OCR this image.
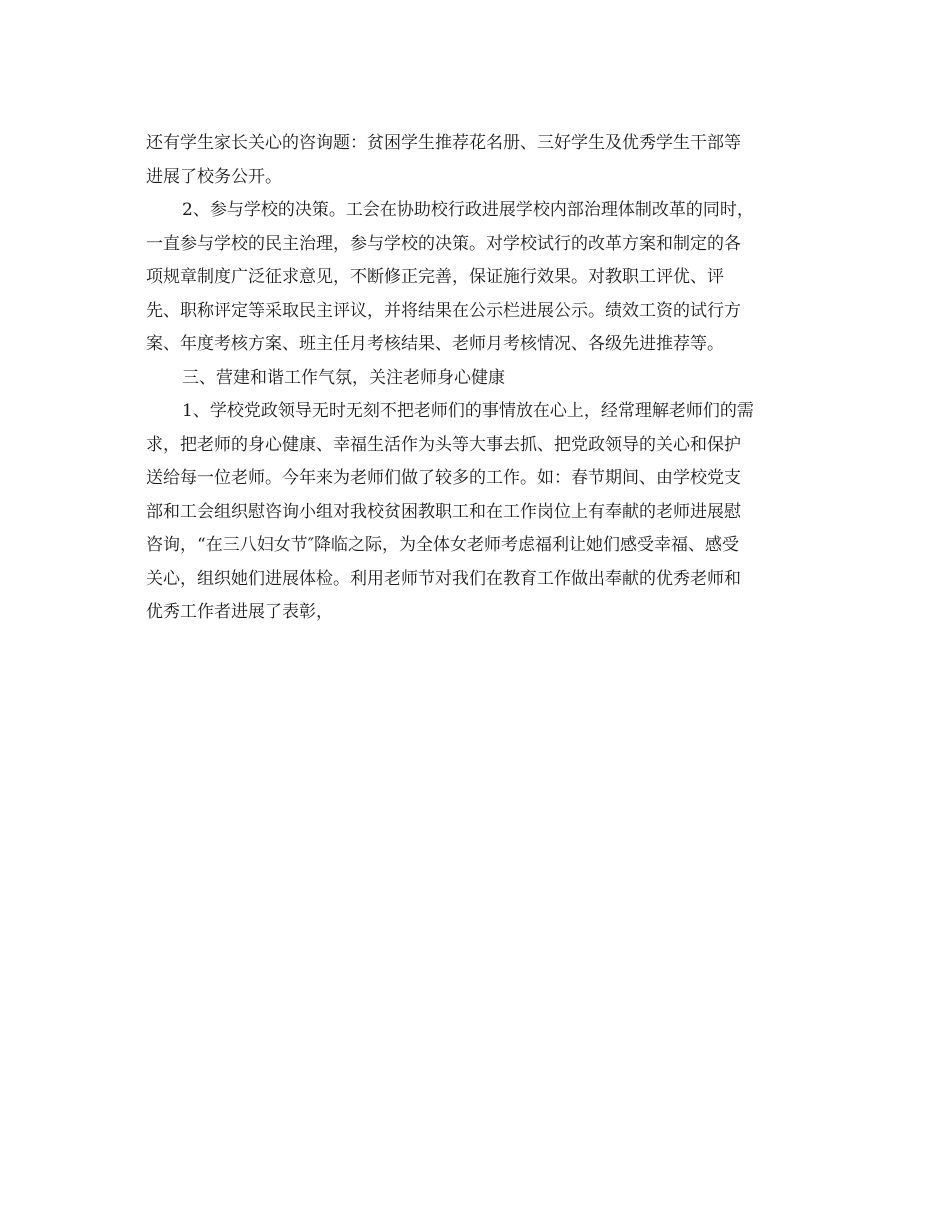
还有学生家长关心的咨询题：贫困学生推荐花名册、三好学生及优秀学生干部等
进展了校务公开。
2、参与学校的决策。工会在协助校行政进展学校内部治理体制改革的同时，
一直参与学校的民主治理，参与学校的决策。对学校试行的改革方案和制定的各
项规章制度广泛征求意见，不断修正完善，保证施行效果。对教职工评优、评
先、职称评定等采取民主评议，并将结果在公示栏进展公示。绩效工资的试行方
案、年度考核方案、班主任月考核结果、老师月考核情况、各级先进推荐等。
三、营建和谐工作气氛，关注老师身心健康
1、学校党政领导无时无刻不把老师们的事情放在心上，经常理解老师们的需
求，把老师的身心健康、幸福生活作为头等大事去抓、把党政领导的关心和保护
送给每一位老师。今年来为老师们做了较多的工作。如：春节期间、由学校党支
部和工会组织慰咨询小组对我校贫困教职工和在工作岗位上有奉献的老师进展慰
咨询，“在三八妇女节″降临之际，为全体女老师考虑福利让她们感受幸福、感受
关心，组织她们进展体检。利用老师节对我们在教育工作做出奉献的优秀老师和
优秀工作者进展了表彰，
